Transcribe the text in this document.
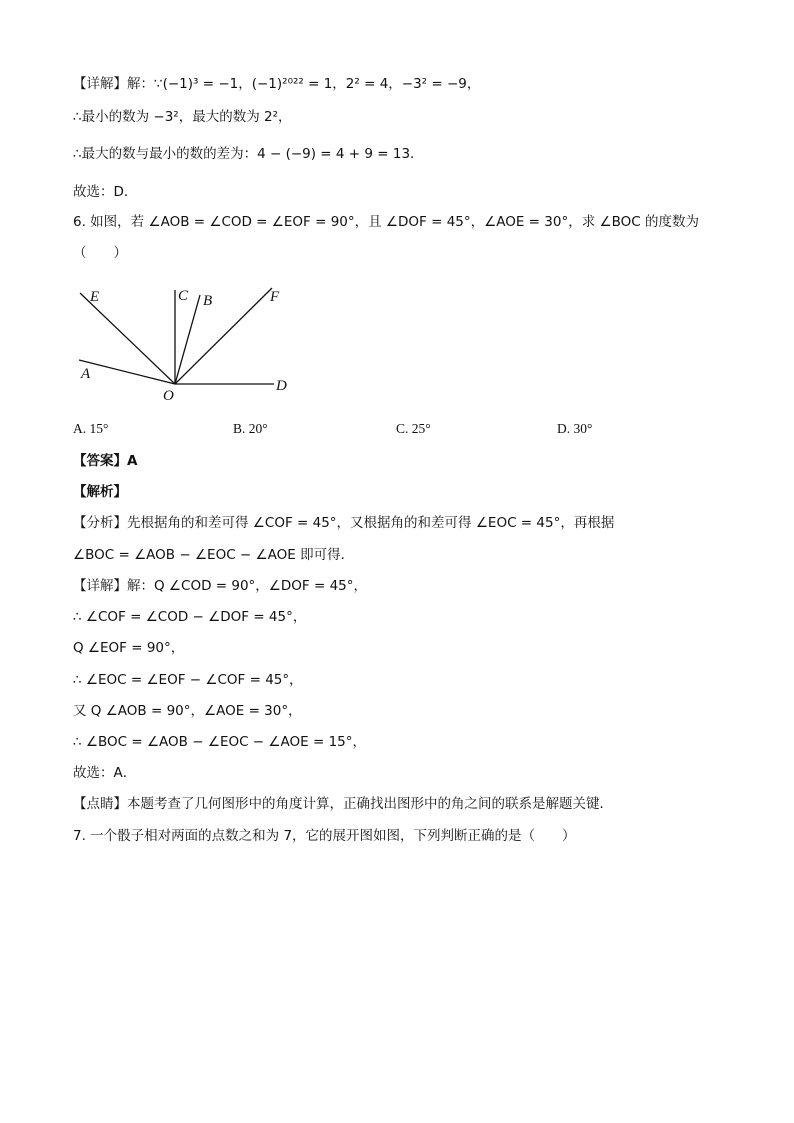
【详解】解：∵(−1)³ = −1，(−1)²⁰²² = 1，2² = 4，−3² = −9，
∴最小的数为 −3²，最大的数为 2²，
∴最大的数与最小的数的差为：4 − (−9) = 4 + 9 = 13．
故选：D．
6. 如图，若 ∠AOB = ∠COD = ∠EOF = 90°，且 ∠DOF = 45°，∠AOE = 30°，求 ∠BOC 的度数为
（　　）
E	C B	F
A
O
D
A. 15°	B. 20°	C. 25°	D. 30°
【答案】A
【解析】
【分析】先根据角的和差可得 ∠COF = 45°，又根据角的和差可得 ∠EOC = 45°，再根据
∠BOC = ∠AOB − ∠EOC − ∠AOE 即可得．
【详解】解：Q ∠COD = 90°，∠DOF = 45°，
∴ ∠COF = ∠COD − ∠DOF = 45°，
Q ∠EOF = 90°，
∴ ∠EOC = ∠EOF − ∠COF = 45°，
又 Q ∠AOB = 90°，∠AOE = 30°，
∴ ∠BOC = ∠AOB − ∠EOC − ∠AOE = 15°，
故选：A．
【点睛】本题考查了几何图形中的角度计算，正确找出图形中的角之间的联系是解题关键．
7. 一个骰子相对两面的点数之和为 7，它的展开图如图，下列判断正确的是（　　）
